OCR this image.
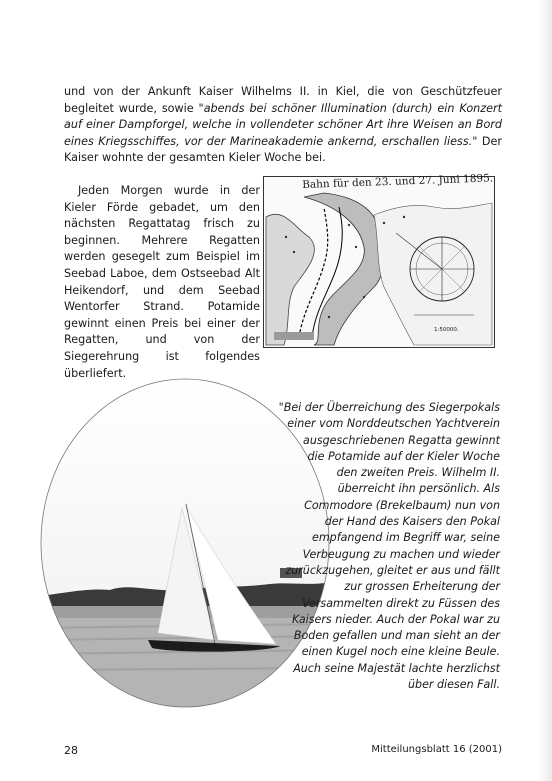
und von der Ankunft Kaiser Wilhelms II. in Kiel, die von Geschützfeuer begleitet wurde, sowie "abends bei schöner Illumination (durch) ein Konzert auf einer Dampforgel, welche in vollendeter schöner Art ihre Weisen an Bord eines Kriegsschiffes, vor der Marineakademie ankernd, erschallen liess." Der Kaiser wohnte der gesamten Kieler Woche bei.

Jeden Morgen wurde in der Kieler Förde gebadet, um den nächsten Regattatag frisch zu beginnen. Mehrere Regatten werden gesegelt zum Beispiel im Seebad Laboe, dem Ostseebad Alt Heikendorf, und dem Seebad Wentorfer Strand. Potamide gewinnt einen Preis bei einer der Regatten, und von der Siegerehrung ist folgendes überliefert.

Bahn für den 23. und 27. Juni 1895.
1:50000.

"Bei der Überreichung des Siegerpokals einer vom Norddeutschen Yachtverein ausgeschriebenen Regatta gewinnt die Potamide auf der Kieler Woche den zweiten Preis. Wilhelm II. überreicht ihn persönlich. Als Commodore (Brekelbaum) nun von der Hand des Kaisers den Pokal empfangend im Begriff war, seine Verbeugung zu machen und wieder zurückzugehen, gleitet er aus und fällt zur grossen Erheiterung der Versammelten direkt zu Füssen des Kaisers nieder. Auch der Pokal war zu Boden gefallen und man sieht an der einen Kugel noch eine kleine Beule. Auch seine Majestät lachte herzlichst über diesen Fall.

28	Mitteilungsblatt 16 (2001)
